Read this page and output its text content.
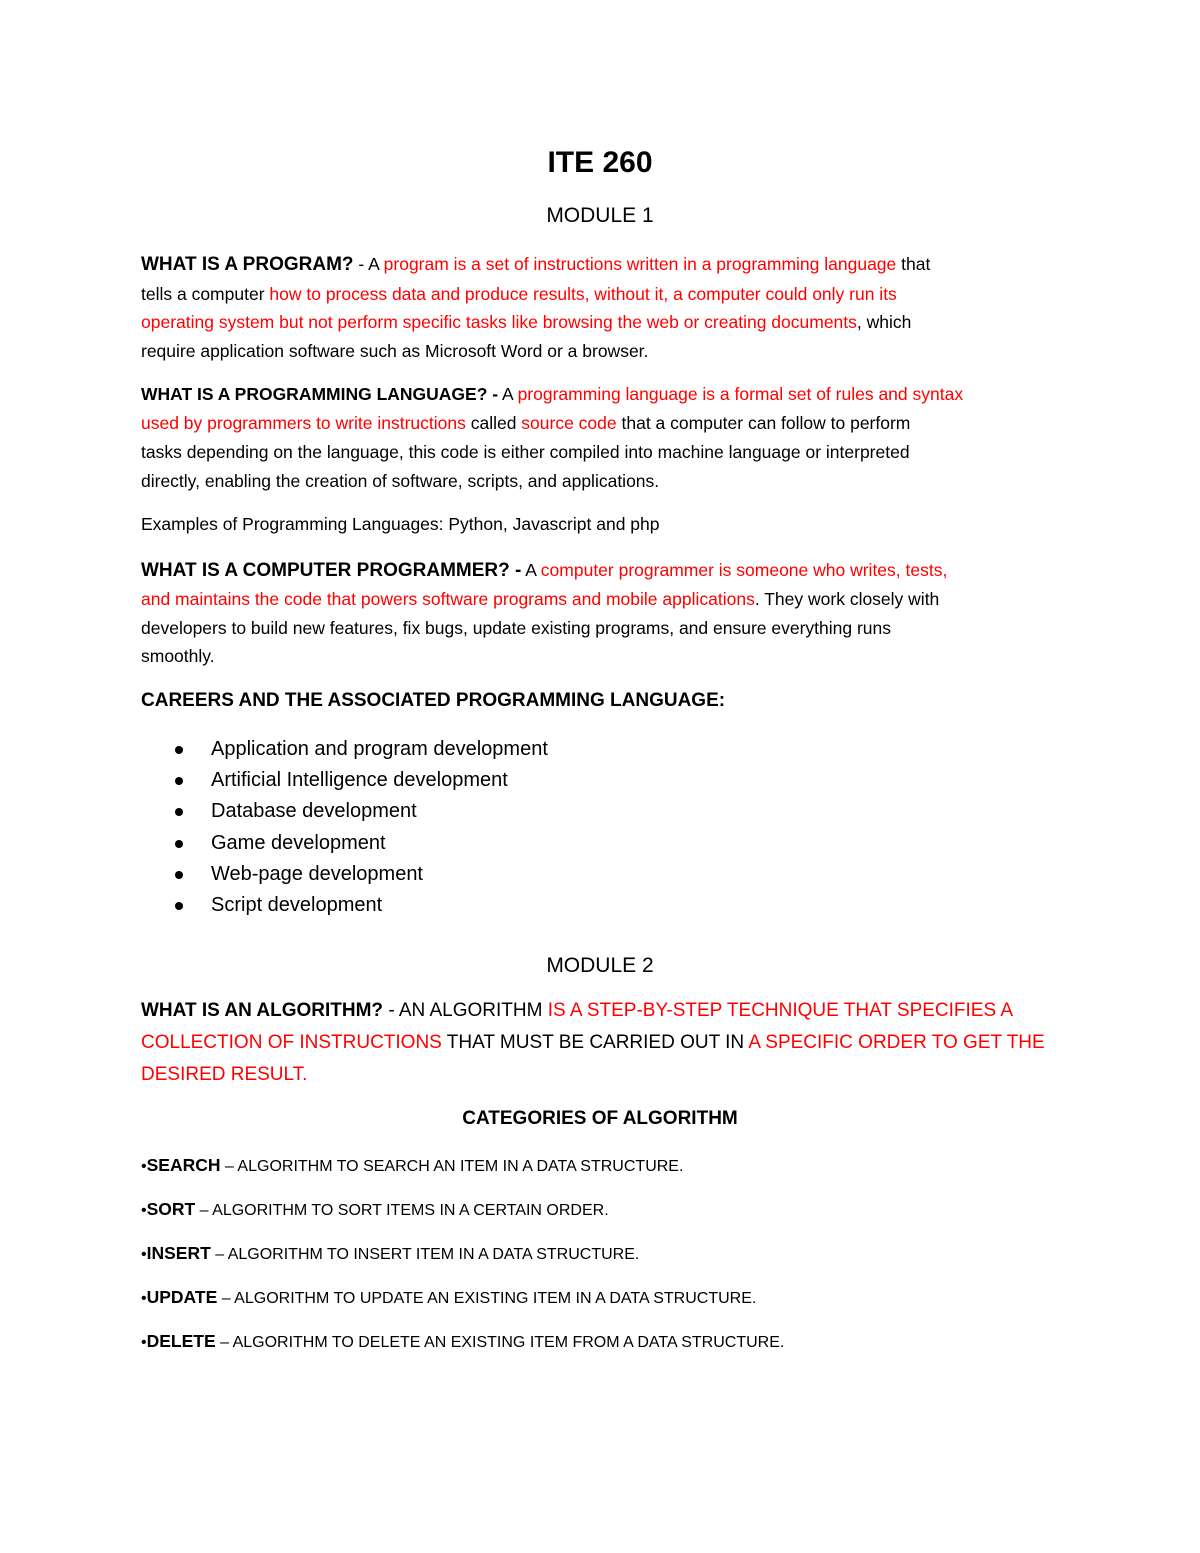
ITE 260
MODULE 1
WHAT IS A PROGRAM? - A program is a set of instructions written in a programming language that
tells a computer how to process data and produce results, without it, a computer could only run its
operating system but not perform specific tasks like browsing the web or creating documents, which
require application software such as Microsoft Word or a browser.
WHAT IS A PROGRAMMING LANGUAGE? - A programming language is a formal set of rules and syntax
used by programmers to write instructions called source code that a computer can follow to perform
tasks depending on the language, this code is either compiled into machine language or interpreted
directly, enabling the creation of software, scripts, and applications.
Examples of Programming Languages: Python, Javascript and php
WHAT IS A COMPUTER PROGRAMMER? - A computer programmer is someone who writes, tests,
and maintains the code that powers software programs and mobile applications. They work closely with
developers to build new features, fix bugs, update existing programs, and ensure everything runs
smoothly.
CAREERS AND THE ASSOCIATED PROGRAMMING LANGUAGE:
Application and program development
Artificial Intelligence development
Database development
Game development
Web-page development
Script development
MODULE 2
WHAT IS AN ALGORITHM? - AN ALGORITHM IS A STEP-BY-STEP TECHNIQUE THAT SPECIFIES A
COLLECTION OF INSTRUCTIONS THAT MUST BE CARRIED OUT IN A SPECIFIC ORDER TO GET THE
DESIRED RESULT.
CATEGORIES OF ALGORITHM
•SEARCH – ALGORITHM TO SEARCH AN ITEM IN A DATA STRUCTURE.
•SORT – ALGORITHM TO SORT ITEMS IN A CERTAIN ORDER.
•INSERT – ALGORITHM TO INSERT ITEM IN A DATA STRUCTURE.
•UPDATE – ALGORITHM TO UPDATE AN EXISTING ITEM IN A DATA STRUCTURE.
•DELETE – ALGORITHM TO DELETE AN EXISTING ITEM FROM A DATA STRUCTURE.
